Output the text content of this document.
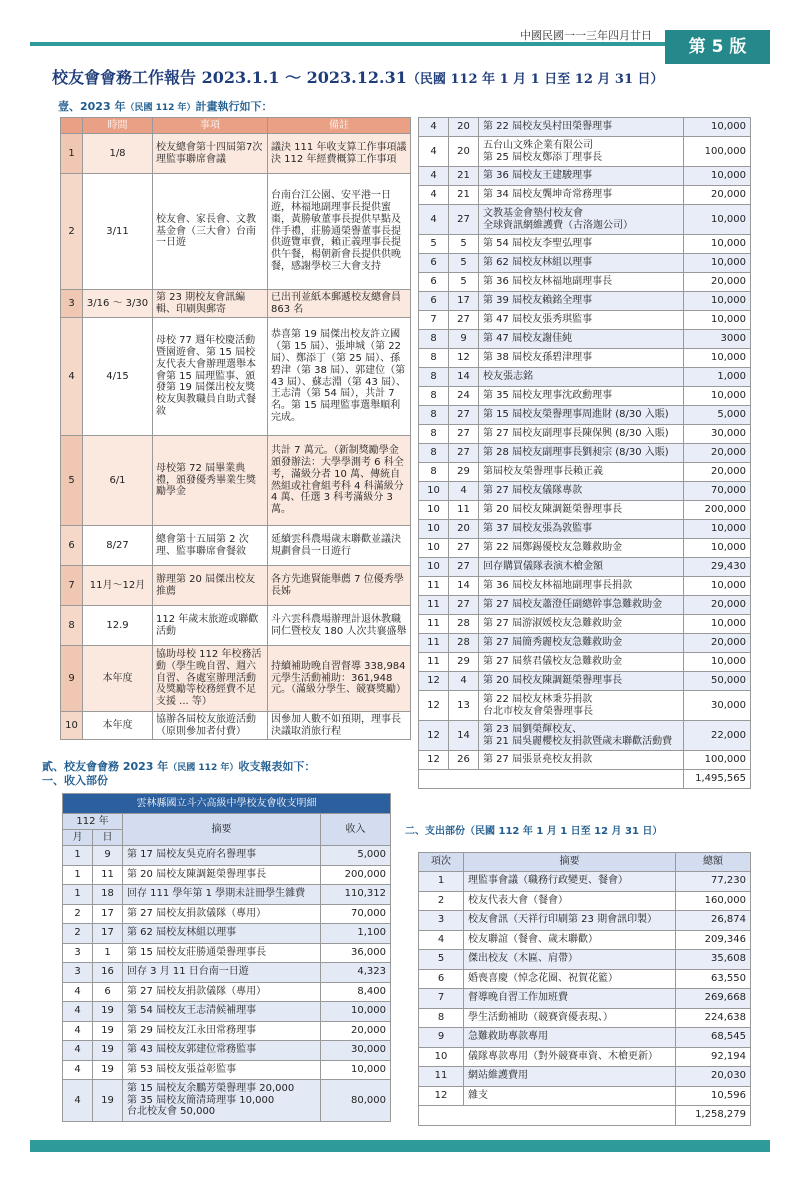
中國民國一一三年四月廿日
第 5 版
校友會會務工作報告 2023.1.1 ～ 2023.12.31（民國 112 年 1 月 1 日至 12 月 31 日）
壹、2023 年（民國 112 年）計畫執行如下：
	時間	事項	備註
1	1/8	校友總會第十四屆第7次理監事聯席會議	議決 111 年收支算工作事項議決 112 年經費概算工作事項
2	3/11	校友會、家長會、文教基金會（三大會）台南一日遊	台南台江公園、安平港一日遊，林福地副理事長提供蜜棗，黃勝敏董事長提供早點及伴手禮，莊勝通榮譽董事長提供遊覽車費，賴正義理事長提供午餐，楊朝新會長提供供晚餐，感謝學校三大會支持
3	3/16 ～ 3/30	第 23 期校友會訊編輯、印刷與郵寄	已出刊並紙本郵遞校友總會員 863 名
4	4/15	母校 77 週年校慶活動暨園遊會、第 15 屆校友代表大會辦理選舉本會第 15 屆理監事、頒發第 19 屆傑出校友獎校友與教職員自助式餐敘	恭喜第 19 屆傑出校友許立國（第 15 屆）、張坤城（第 22 屆）、鄭添丁（第 25 屆）、孫碧津（第 38 屆）、郭建位（第 43 屆）、蘇志淵（第 43 屆）、王志清（第 54 屆），共計 7 名。第 15 屆理監事選舉順利完成。
5	6/1	母校第 72 屆畢業典禮，頒發優秀畢業生獎勵學金	共計 7 萬元。（新制獎勵學金頒發辦法：大學學測考 6 科全考，滿級分者 10 萬、傳統自然組或社會組考科 4 科滿級分 4 萬、任選 3 科考滿級分 3 萬。
6	8/27	總會第十五屆第 2 次理、監事聯席會餐敘	延續雲科農場歲末聯歡並議決規劃會員一日遊行
7	11月～12月	辦理第 20 屆傑出校友推薦	各方先進賢能舉薦 7 位優秀學長姊
8	12.9	112 年歲末旅遊或聯歡活動	斗六雲科農場辦理計退休教職同仁暨校友 180 人次共襄盛舉
9	本年度	協助母校 112 年校務活動（學生晚自習、週六自習、各處室辦理活動及獎勵等校務經費不足支援 ... 等）	持續補助晚自習督導 338,984 元學生活動補助：361,948 元。（滿級分學生、競賽獎勵）
10	本年度	協辦各屆校友旅遊活動（原則參加者付費）	因參加人數不如預期，理事長決議取消旅行程
貳、校友會會務 2023 年（民國 112 年）收支報表如下：
一、收入部份
雲林縣國立斗六高級中學校友會收支明細			
112 年		摘要	收入
月	日		
1	9	第 17 屆校友吳克府名譽理事	5,000
1	11	第 20 屆校友陳調鋌榮譽理事長	200,000
1	18	回存 111 學年第 1 學期未註冊學生雜費	110,312
2	17	第 27 屆校友捐款儀隊（專用）	70,000
2	17	第 62 屆校友林組以理事	1,100
3	1	第 15 屆校友莊勝通榮譽理事長	36,000
3	16	回存 3 月 11 日台南一日遊	4,323
4	6	第 27 屆校友捐款儀隊（專用）	8,400
4	19	第 54 屆校友王志清候補理事	10,000
4	19	第 29 屆校友江永田常務理事	20,000
4	19	第 43 屆校友郭建位常務監事	30,000
4	19	第 53 屆校友張益彰監事	10,000
4	19	第 15 屆校友余鵬芳榮譽理事 20,000
第 35 屆校友簡清琦理事 10,000
台北校友會 50,000	80,000
4	20	第 22 屆校友吳村田榮譽理事	10,000
4	20	五台山文殊企業有限公司
第 25 屆校友鄭添丁理事長	100,000
4	21	第 36 屆校友王建駿理事	10,000
4	21	第 34 屆校友龔坤奇常務理事	20,000
4	27	文教基金會墊付校友會
全球資訊網維護費（古洛迦公司）	10,000
5	5	第 54 屆校友李聖弘理事	10,000
6	5	第 62 屆校友林組以理事	10,000
6	5	第 36 屆校友林福地副理事長	20,000
6	17	第 39 屆校友賴銘全理事	10,000
7	27	第 47 屆校友張秀琪監事	10,000
8	9	第 47 屆校友謝佳純	3000
8	12	第 38 屆校友孫碧津理事	10,000
8	14	校友張志銘	1,000
8	24	第 35 屆校友理事沈政勳理事	10,000
8	27	第 15 屆校友榮譽理事周進財 (8/30 入賬)	5,000
8	27	第 27 屆校友副理事長陳保興 (8/30 入賬)	30,000
8	27	第 28 屆校友副理事長劉昶宗 (8/30 入賬)	20,000
8	29	第屆校友榮譽理事長賴正義	20,000
10	4	第 27 屆校友儀隊專款	70,000
10	11	第 20 屆校友陳調鋌榮譽理事長	200,000
10	20	第 37 屆校友張為敦監事	10,000
10	27	第 22 屆鄭錫優校友急難救助金	10,000
10	27	回存購買儀隊表演木槍金額	29,430
11	14	第 36 屆校友林福地副理事長捐款	10,000
11	27	第 27 屆校友蕭澄任副總幹事急難救助金	20,000
11	28	第 27 屆游淑媛校友急難救助金	10,000
11	28	第 27 屆簡秀麗校友急難救助金	20,000
11	29	第 27 屆蔡君儀校友急難救助金	10,000
12	4	第 20 屆校友陳調鋌榮譽理事長	50,000
12	13	第 22 屆校友林秉芬捐款
台北市校友會榮譽理事長	30,000
12	14	第 23 屆劉榮輝校友、
第 21 屆吳麗櫻校友捐款暨歲末聯歡活動費	22,000
12	26	第 27 屆張景堯校友捐款	100,000
			1,495,565
二、支出部份（民國 112 年 1 月 1 日至 12 月 31 日）
項次	摘要	總額
1	理監事會議（職務行政變更、餐會）	77,230
2	校友代表大會（餐會）	160,000
3	校友會訊（天祥行印刷第 23 期會訊印製）	26,874
4	校友聯誼（餐會、歲末聯歡）	209,346
5	傑出校友（木匾、肩帶）	35,608
6	婚喪喜慶（悼念花圈、祝賀花籃）	63,550
7	督導晚自習工作加班費	269,668
8	學生活動補助（競賽資優表現、）	224,638
9	急難救助專款專用	68,545
10	儀隊專款專用（對外競賽車資、木槍更新）	92,194
11	網站維護費用	20,030
12	雜支	10,596
		1,258,279
